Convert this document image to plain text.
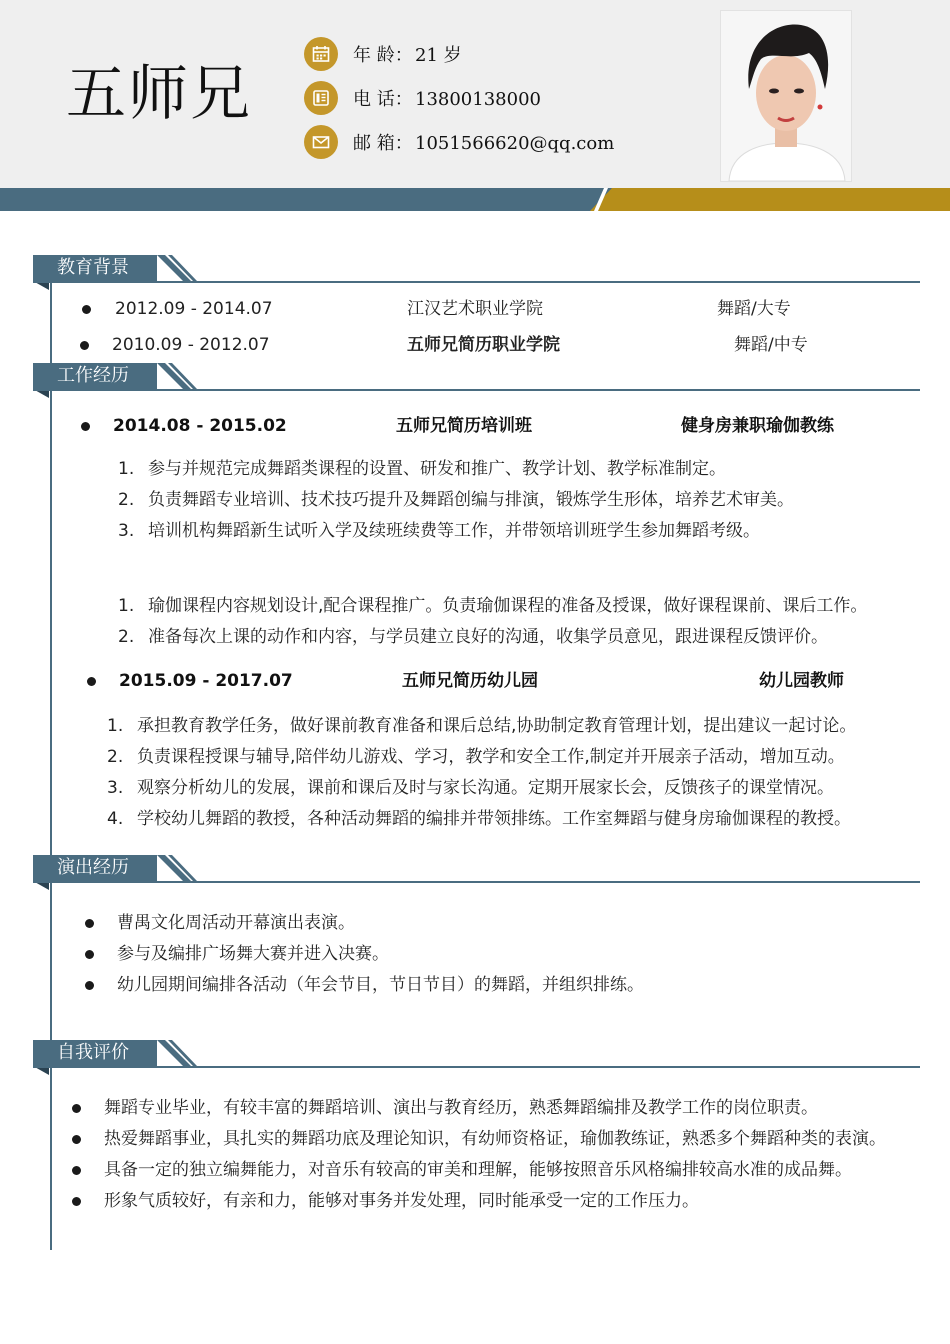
五师兄
年 龄： 21 岁
电 话： 13800138000
邮 箱： 1051566620@qq.com
教育背景
2012.09 - 2014.07	江汉艺术职业学院	舞蹈/大专
2010.09 - 2012.07	五师兄简历职业学院	舞蹈/中专
工作经历
2014.08 - 2015.02	五师兄简历培训班	健身房兼职瑜伽教练
1. 参与并规范完成舞蹈类课程的设置、研发和推广、教学计划、教学标准制定。
2. 负责舞蹈专业培训、技术技巧提升及舞蹈创编与排演，锻炼学生形体，培养艺术审美。
3. 培训机构舞蹈新生试听入学及续班续费等工作，并带领培训班学生参加舞蹈考级。
1. 瑜伽课程内容规划设计,配合课程推广。负责瑜伽课程的准备及授课，做好课程课前、课后工作。
2. 准备每次上课的动作和内容，与学员建立良好的沟通，收集学员意见，跟进课程反馈评价。
2015.09 - 2017.07	五师兄简历幼儿园	幼儿园教师
1. 承担教育教学任务，做好课前教育准备和课后总结,协助制定教育管理计划，提出建议一起讨论。
2. 负责课程授课与辅导,陪伴幼儿游戏、学习，教学和安全工作,制定并开展亲子活动，增加互动。
3. 观察分析幼儿的发展，课前和课后及时与家长沟通。定期开展家长会，反馈孩子的课堂情况。
4. 学校幼儿舞蹈的教授，各种活动舞蹈的编排并带领排练。工作室舞蹈与健身房瑜伽课程的教授。
演出经历
曹禺文化周活动开幕演出表演。
参与及编排广场舞大赛并进入决赛。
幼儿园期间编排各活动（年会节目，节日节目）的舞蹈，并组织排练。
自我评价
舞蹈专业毕业，有较丰富的舞蹈培训、演出与教育经历，熟悉舞蹈编排及教学工作的岗位职责。
热爱舞蹈事业，具扎实的舞蹈功底及理论知识，有幼师资格证，瑜伽教练证，熟悉多个舞蹈种类的表演。
具备一定的独立编舞能力，对音乐有较高的审美和理解，能够按照音乐风格编排较高水准的成品舞。
形象气质较好，有亲和力，能够对事务并发处理，同时能承受一定的工作压力。
